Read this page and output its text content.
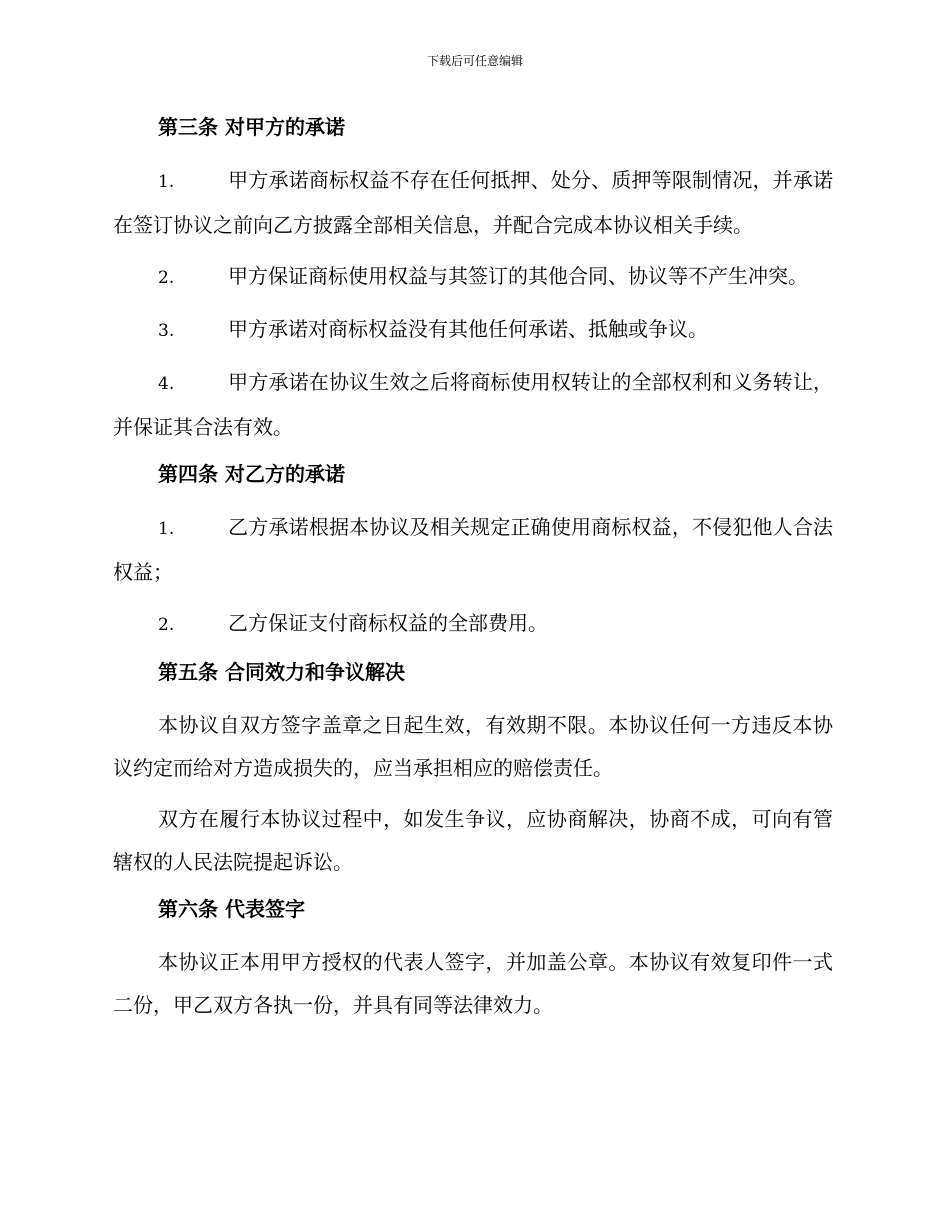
下载后可任意编辑
第三条 对甲方的承诺

1.	甲方承诺商标权益不存在任何抵押、处分、质押等限制情况，并承诺在签订协议之前向乙方披露全部相关信息，并配合完成本协议相关手续。

2.	甲方保证商标使用权益与其签订的其他合同、协议等不产生冲突。

3.	甲方承诺对商标权益没有其他任何承诺、抵触或争议。

4.	甲方承诺在协议生效之后将商标使用权转让的全部权利和义务转让，并保证其合法有效。

第四条 对乙方的承诺

1.	乙方承诺根据本协议及相关规定正确使用商标权益，不侵犯他人合法权益；

2.	乙方保证支付商标权益的全部费用。

第五条 合同效力和争议解决

本协议自双方签字盖章之日起生效，有效期不限。本协议任何一方违反本协议约定而给对方造成损失的，应当承担相应的赔偿责任。

双方在履行本协议过程中，如发生争议，应协商解决，协商不成，可向有管辖权的人民法院提起诉讼。

第六条 代表签字

本协议正本用甲方授权的代表人签字，并加盖公章。本协议有效复印件一式二份，甲乙双方各执一份，并具有同等法律效力。
